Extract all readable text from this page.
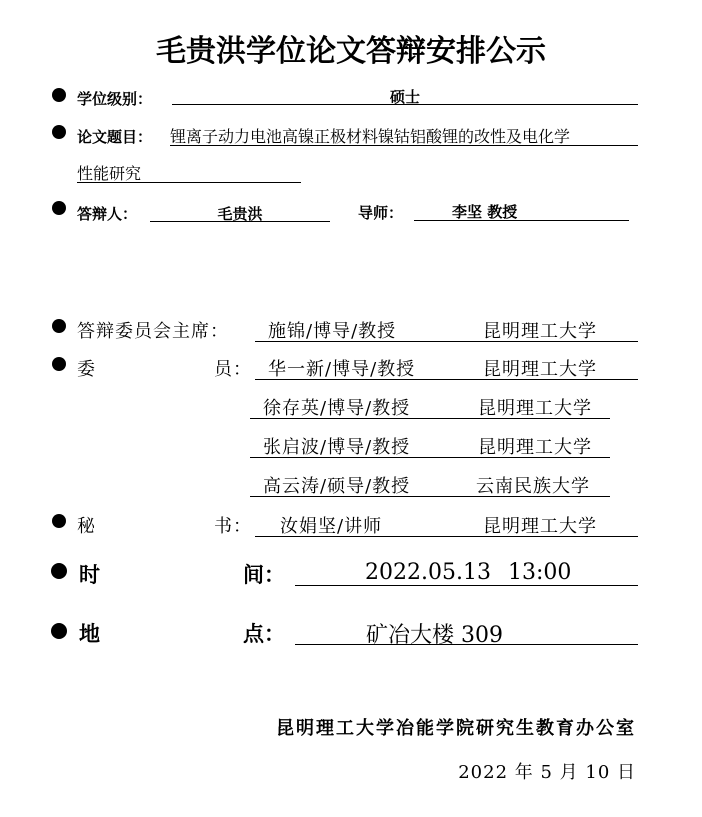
毛贵洪学位论文答辩安排公示
学位级别：	硕士
论文题目： 锂离子动力电池高镍正极材料镍钴铝酸锂的改性及电化学
性能研究
答辩人：	毛贵洪	导师：	李坚 教授
答辩委员会主席： 施锦/博导/教授	昆明理工大学
委	员： 华一新/博导/教授	昆明理工大学
徐存英/博导/教授	昆明理工大学
张启波/博导/教授	昆明理工大学
高云涛/硕导/教授	云南民族大学
秘	书： 汝娟坚/讲师	昆明理工大学
时	间：	2022.05.13 13:00
地	点：	矿冶大楼 309
昆明理工大学冶能学院研究生教育办公室
2022 年 5 月 10 日
